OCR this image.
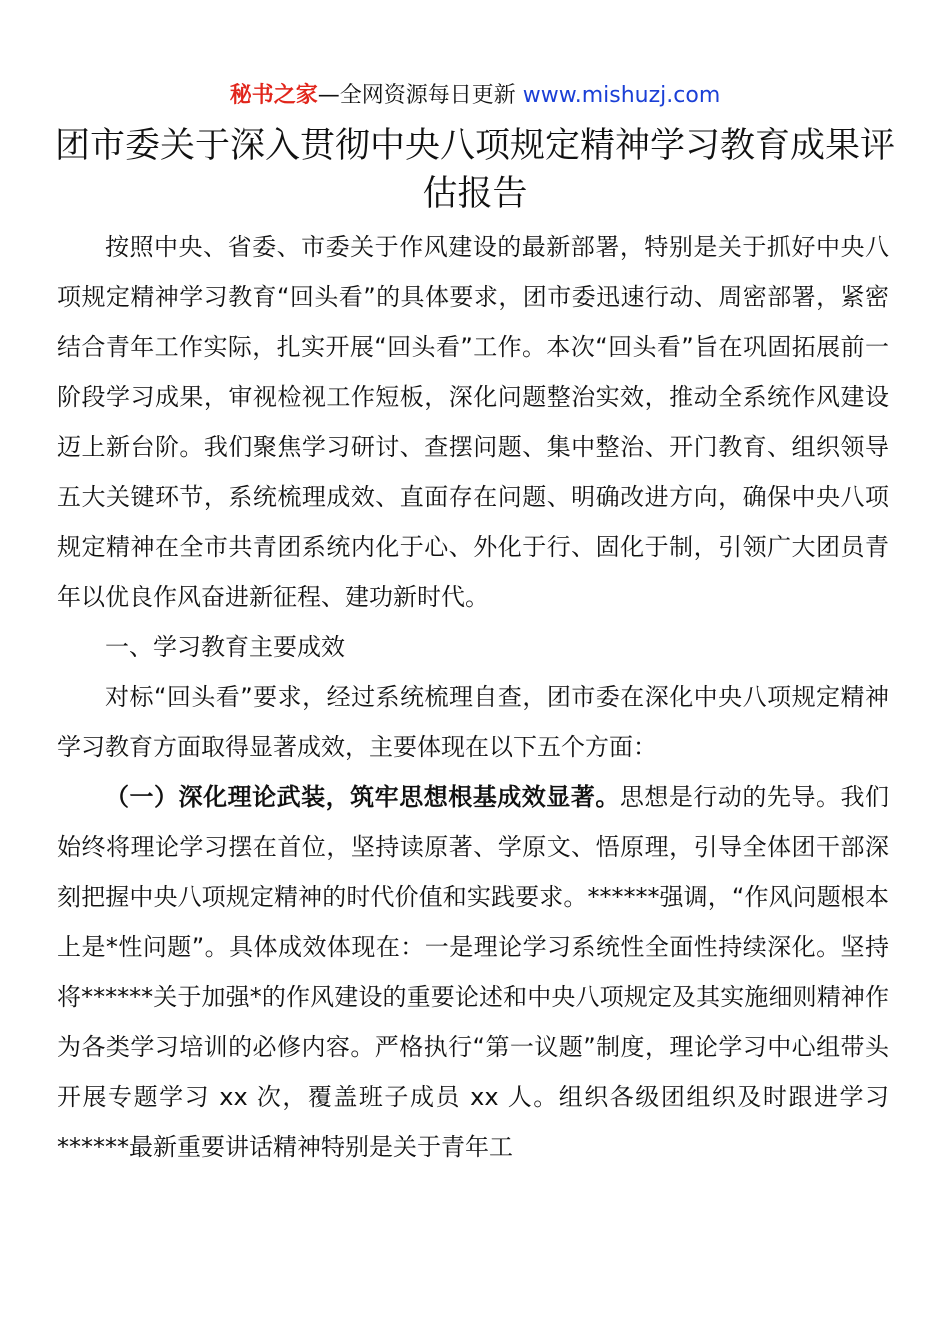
秘书之家—全网资源每日更新 www.mishuzj.com
团市委关于深入贯彻中央八项规定精神学习教育成果评估报告

按照中央、省委、市委关于作风建设的最新部署，特别是关于抓好中央八项规定精神学习教育“回头看”的具体要求，团市委迅速行动、周密部署，紧密结合青年工作实际，扎实开展“回头看”工作。本次“回头看”旨在巩固拓展前一阶段学习成果，审视检视工作短板，深化问题整治实效，推动全系统作风建设迈上新台阶。我们聚焦学习研讨、查摆问题、集中整治、开门教育、组织领导五大关键环节，系统梳理成效、直面存在问题、明确改进方向，确保中央八项规定精神在全市共青团系统内化于心、外化于行、固化于制，引领广大团员青年以优良作风奋进新征程、建功新时代。

一、学习教育主要成效

对标“回头看”要求，经过系统梳理自查，团市委在深化中央八项规定精神学习教育方面取得显著成效，主要体现在以下五个方面：

（一）深化理论武装，筑牢思想根基成效显著。思想是行动的先导。我们始终将理论学习摆在首位，坚持读原著、学原文、悟原理，引导全体团干部深刻把握中央八项规定精神的时代价值和实践要求。******强调，“作风问题根本上是*性问题”。具体成效体现在：一是理论学习系统性全面性持续深化。坚持将******关于加强*的作风建设的重要论述和中央八项规定及其实施细则精神作为各类学习培训的必修内容。严格执行“第一议题”制度，理论学习中心组带头开展专题学习 xx 次，覆盖班子成员 xx 人。组织各级团组织及时跟进学习******最新重要讲话精神特别是关于青年工
